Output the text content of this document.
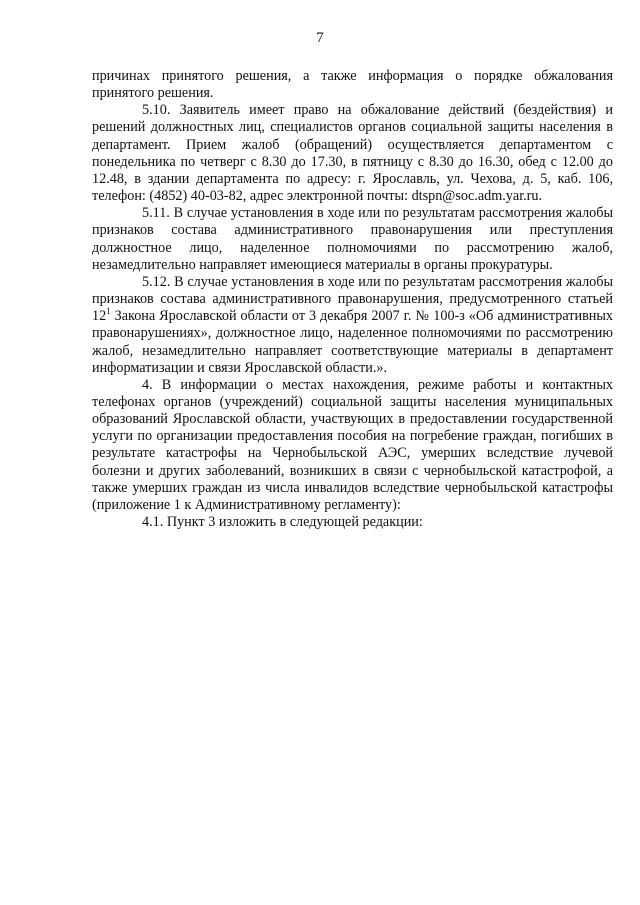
7

причинах принятого решения, а также информация о порядке обжалования принятого решения.

5.10. Заявитель имеет право на обжалование действий (бездействия) и решений должностных лиц, специалистов органов социальной защиты населения в департамент. Прием жалоб (обращений) осуществляется департаментом с понедельника по четверг с 8.30 до 17.30, в пятницу с 8.30 до 16.30, обед с 12.00 до 12.48, в здании департамента по адресу: г. Ярославль, ул. Чехова, д. 5, каб. 106, телефон: (4852) 40-03-82, адрес электронной почты: dtspn@soc.adm.yar.ru.

5.11. В случае установления в ходе или по результатам рассмотрения жалобы признаков состава административного правонарушения или преступления должностное лицо, наделенное полномочиями по рассмотрению жалоб, незамедлительно направляет имеющиеся материалы в органы прокуратуры.

5.12. В случае установления в ходе или по результатам рассмотрения жалобы признаков состава административного правонарушения, предусмотренного статьей $12^1$ Закона Ярославской области от 3 декабря 2007 г. № 100-з «Об административных правонарушениях», должностное лицо, наделенное полномочиями по рассмотрению жалоб, незамедлительно направляет соответствующие материалы в департамент информатизации и связи Ярославской области.».

4. В информации о местах нахождения, режиме работы и контактных телефонах органов (учреждений) социальной защиты населения муниципальных образований Ярославской области, участвующих в предоставлении государственной услуги по организации предоставления пособия на погребение граждан, погибших в результате катастрофы на Чернобыльской АЭС, умерших вследствие лучевой болезни и других заболеваний, возникших в связи с чернобыльской катастрофой, а также умерших граждан из числа инвалидов вследствие чернобыльской катастрофы (приложение 1 к Административному регламенту):

4.1. Пункт 3 изложить в следующей редакции:
